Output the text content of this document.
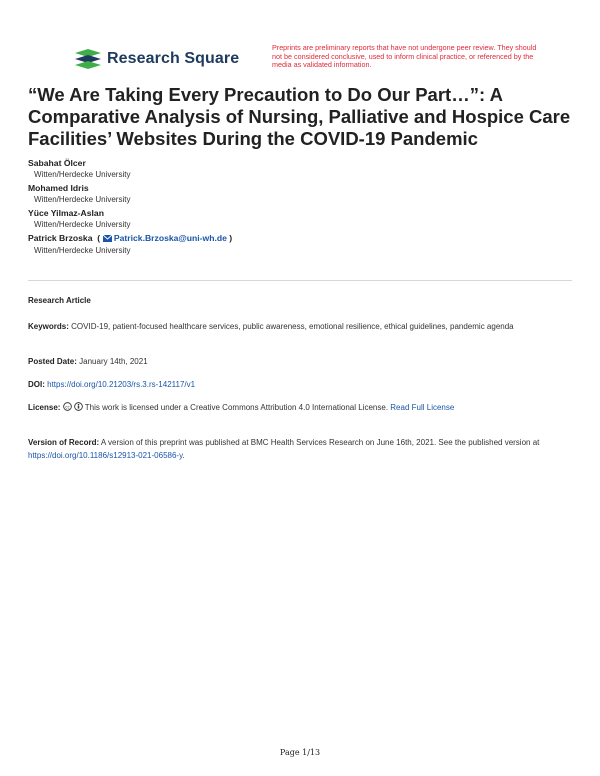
Research Square
Preprints are preliminary reports that have not undergone peer review. They should not be considered conclusive, used to inform clinical practice, or referenced by the media as validated information.
“We Are Taking Every Precaution to Do Our Part…”: A Comparative Analysis of Nursing, Palliative and Hospice Care Facilities’ Websites During the COVID-19 Pandemic
Sabahat Ölcer
Witten/Herdecke University
Mohamed Idris
Witten/Herdecke University
Yüce Yilmaz-Aslan
Witten/Herdecke University
Patrick Brzoska  ( Patrick.Brzoska@uni-wh.de )
Witten/Herdecke University
Research Article
Keywords: COVID-19, patient-focused healthcare services, public awareness, emotional resilience, ethical guidelines, pandemic agenda
Posted Date: January 14th, 2021
DOI: https://doi.org/10.21203/rs.3.rs-142117/v1
License: cc This work is licensed under a Creative Commons Attribution 4.0 International License. Read Full License
Version of Record: A version of this preprint was published at BMC Health Services Research on June 16th, 2021. See the published version at https://doi.org/10.1186/s12913-021-06586-y.
Page 1/13
